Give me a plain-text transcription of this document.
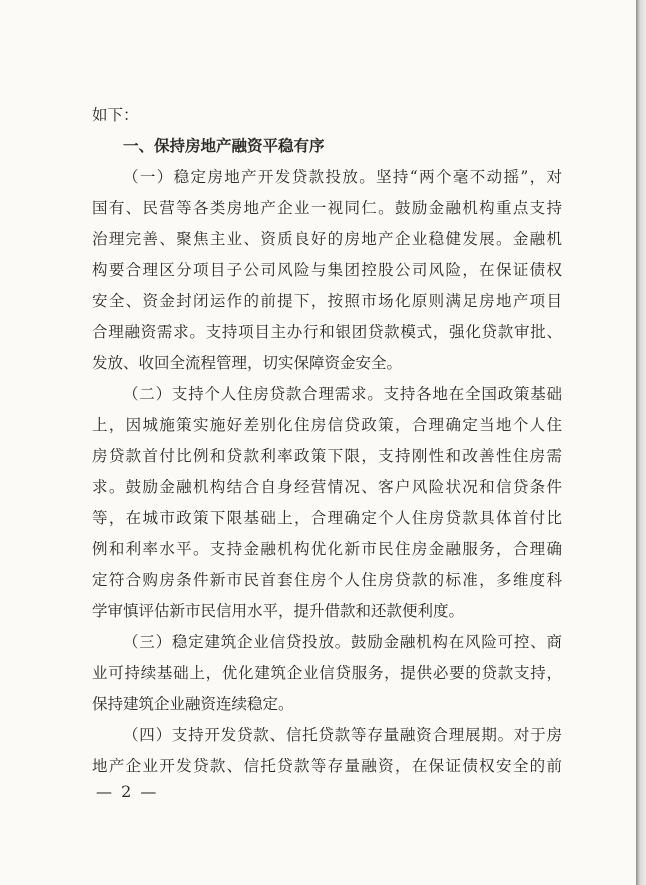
如下：
一、保持房地产融资平稳有序
（一）稳定房地产开发贷款投放。坚持“两个毫不动摇”，对
国有、民营等各类房地产企业一视同仁。鼓励金融机构重点支持
治理完善、聚焦主业、资质良好的房地产企业稳健发展。金融机
构要合理区分项目子公司风险与集团控股公司风险，在保证债权
安全、资金封闭运作的前提下，按照市场化原则满足房地产项目
合理融资需求。支持项目主办行和银团贷款模式，强化贷款审批、
发放、收回全流程管理，切实保障资金安全。
（二）支持个人住房贷款合理需求。支持各地在全国政策基础
上，因城施策实施好差别化住房信贷政策，合理确定当地个人住
房贷款首付比例和贷款利率政策下限，支持刚性和改善性住房需
求。鼓励金融机构结合自身经营情况、客户风险状况和信贷条件
等，在城市政策下限基础上，合理确定个人住房贷款具体首付比
例和利率水平。支持金融机构优化新市民住房金融服务，合理确
定符合购房条件新市民首套住房个人住房贷款的标准，多维度科
学审慎评估新市民信用水平，提升借款和还款便利度。
（三）稳定建筑企业信贷投放。鼓励金融机构在风险可控、商
业可持续基础上，优化建筑企业信贷服务，提供必要的贷款支持，
保持建筑企业融资连续稳定。
（四）支持开发贷款、信托贷款等存量融资合理展期。对于房
地产企业开发贷款、信托贷款等存量融资，在保证债权安全的前
— 2 —
